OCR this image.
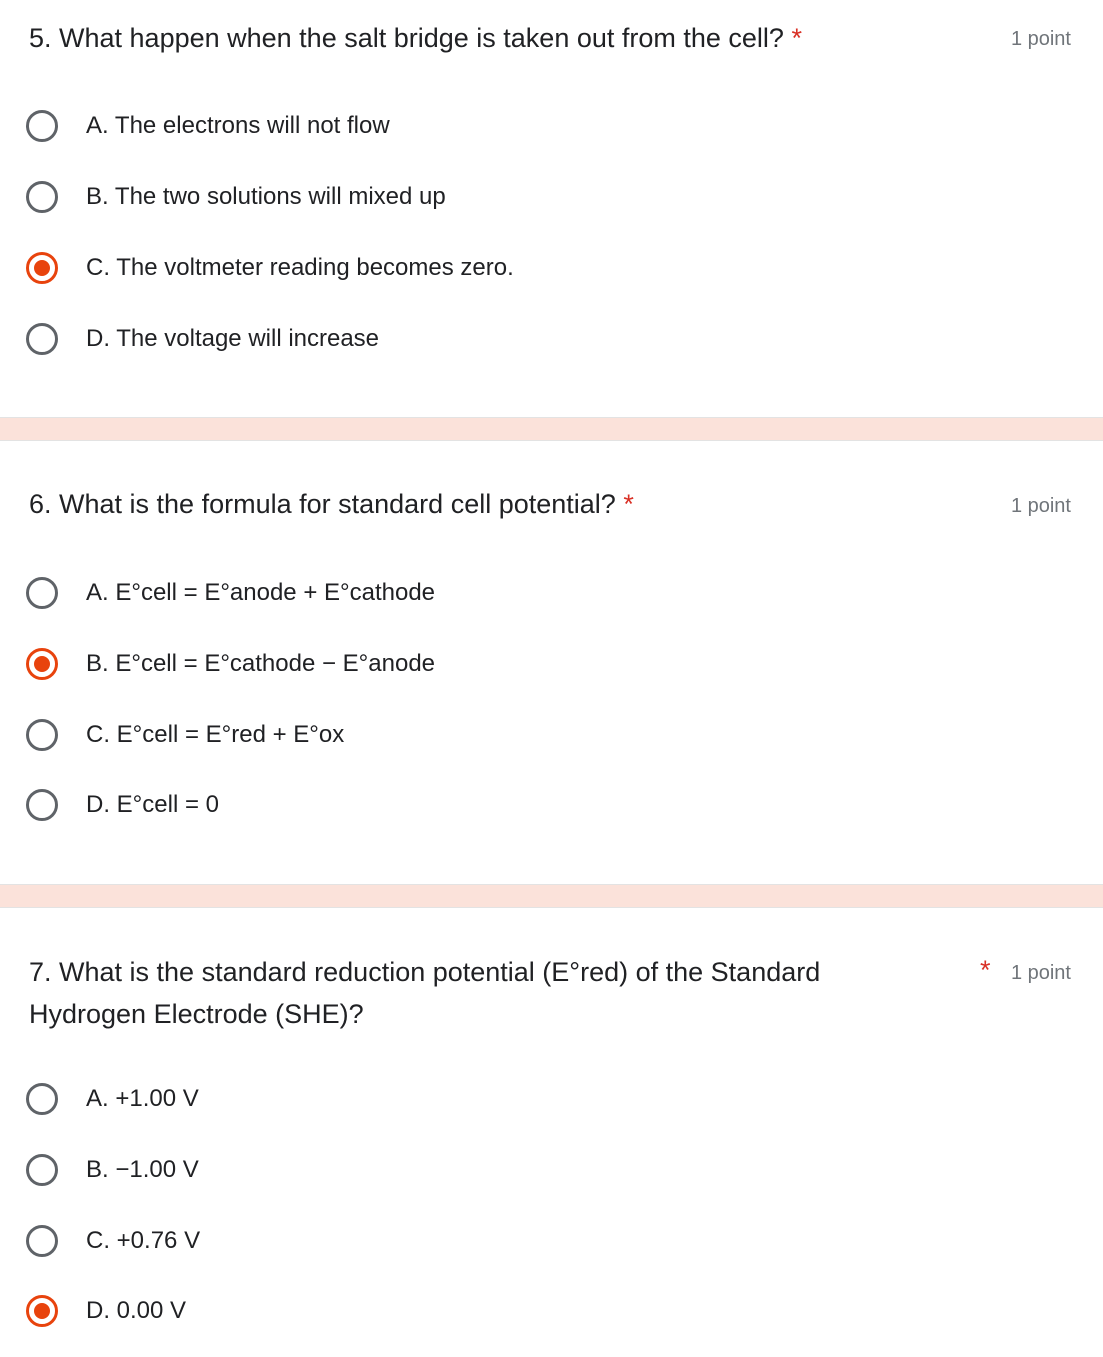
5. What happen when the salt bridge is taken out from the cell? *	1 point
A. The electrons will not flow
B. The two solutions will mixed up
C. The voltmeter reading becomes zero.
D. The voltage will increase
6. What is the formula for standard cell potential? *	1 point
A. E°cell = E°anode + E°cathode
B. E°cell = E°cathode − E°anode
C. E°cell = E°red + E°ox
D. E°cell = 0
7. What is the standard reduction potential (E°red) of the Standard
Hydrogen Electrode (SHE)?
* 1 point
A. +1.00 V
B. −1.00 V
C. +0.76 V
D. 0.00 V
